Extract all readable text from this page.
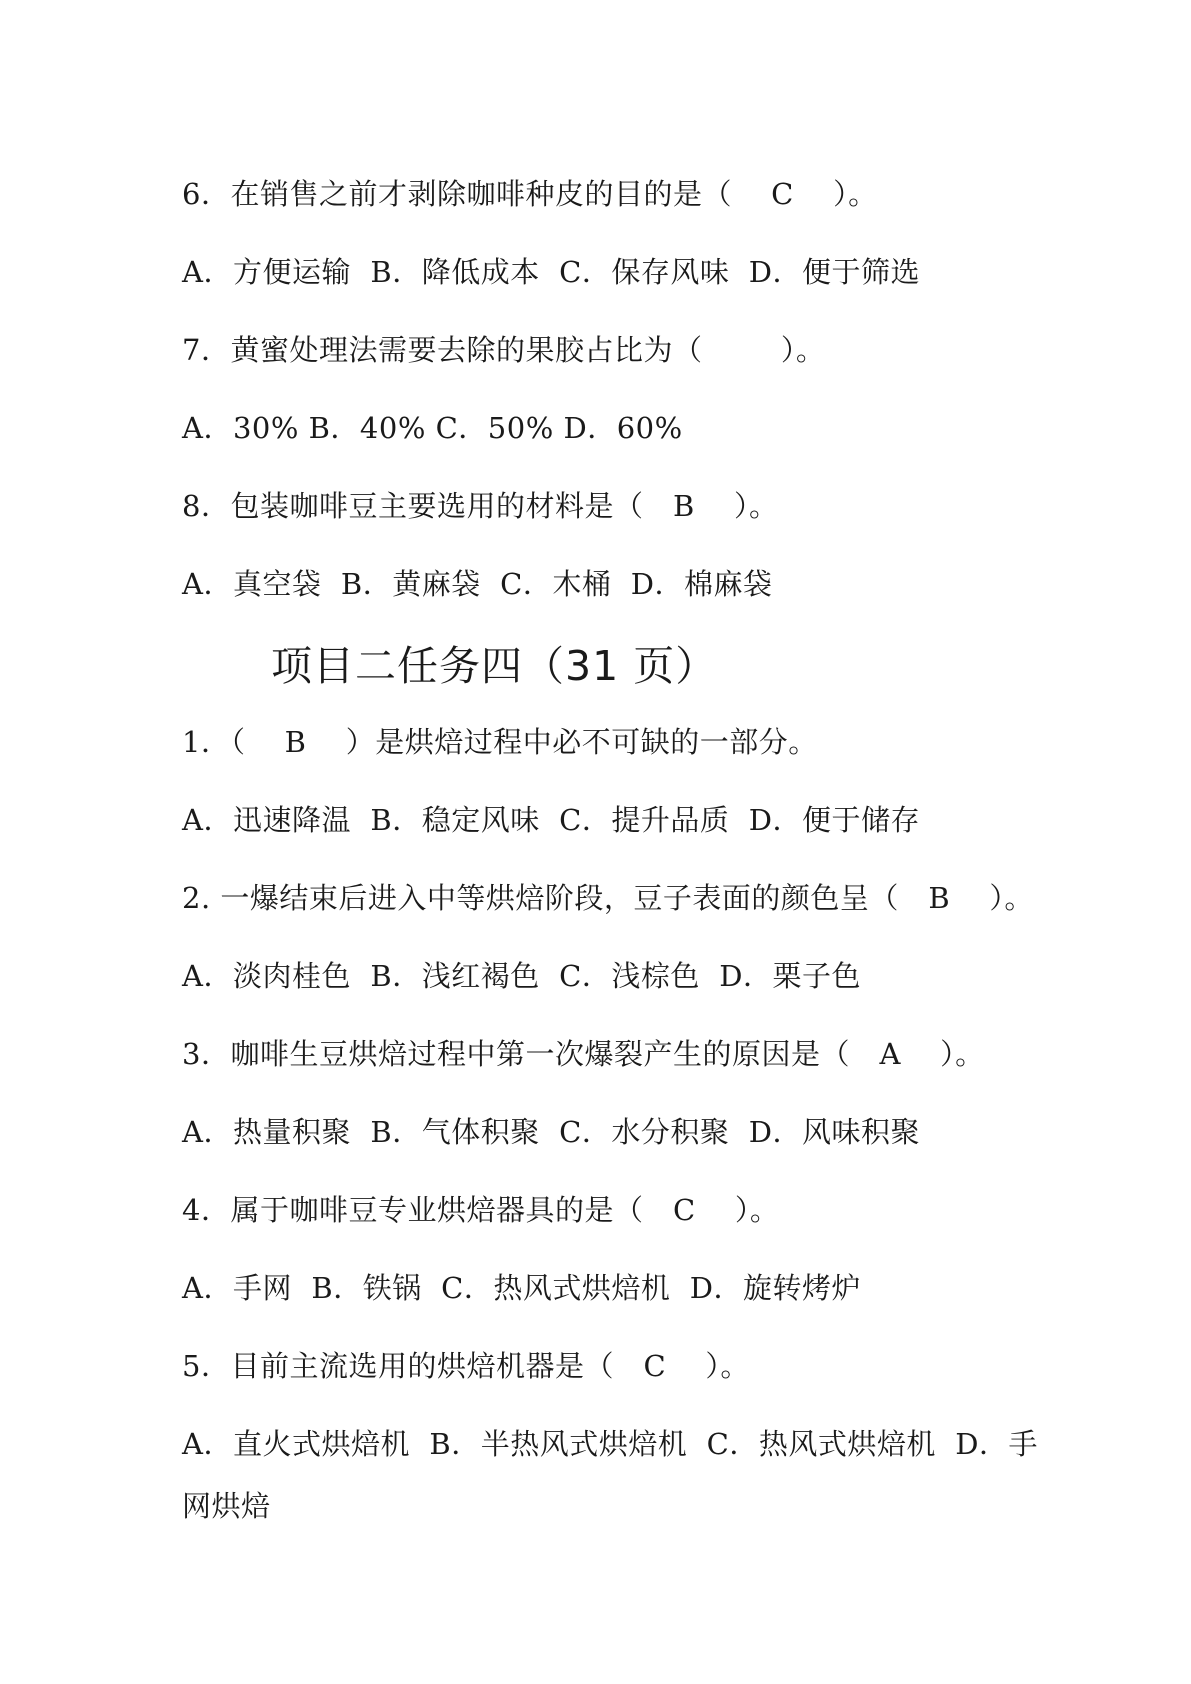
6．在销售之前才剥除咖啡种皮的目的是（　 C　 ）。
A．方便运输  B．降低成本  C．保存风味  D．便于筛选
7．黄蜜处理法需要去除的果胶占比为（　　  ）。
A．30% B．40% C．50% D．60%
8．包装咖啡豆主要选用的材料是（　B　 ）。
A．真空袋  B．黄麻袋  C．木桶  D．棉麻袋
项目二任务四（31 页）
1．（　 B　 ）是烘焙过程中必不可缺的一部分。
A．迅速降温  B．稳定风味  C．提升品质  D．便于储存
2. 一爆结束后进入中等烘焙阶段，豆子表面的颜色呈（　B　 ）。
A．淡肉桂色  B．浅红褐色  C．浅棕色  D．栗子色
3．咖啡生豆烘焙过程中第一次爆裂产生的原因是（　A　 ）。
A．热量积聚  B．气体积聚  C．水分积聚  D．风味积聚
4．属于咖啡豆专业烘焙器具的是（　C　 ）。
A．手网  B．铁锅  C．热风式烘焙机  D．旋转烤炉
5．目前主流选用的烘焙机器是（　C　 ）。
A．直火式烘焙机  B．半热风式烘焙机  C．热风式烘焙机  D．手
网烘焙
